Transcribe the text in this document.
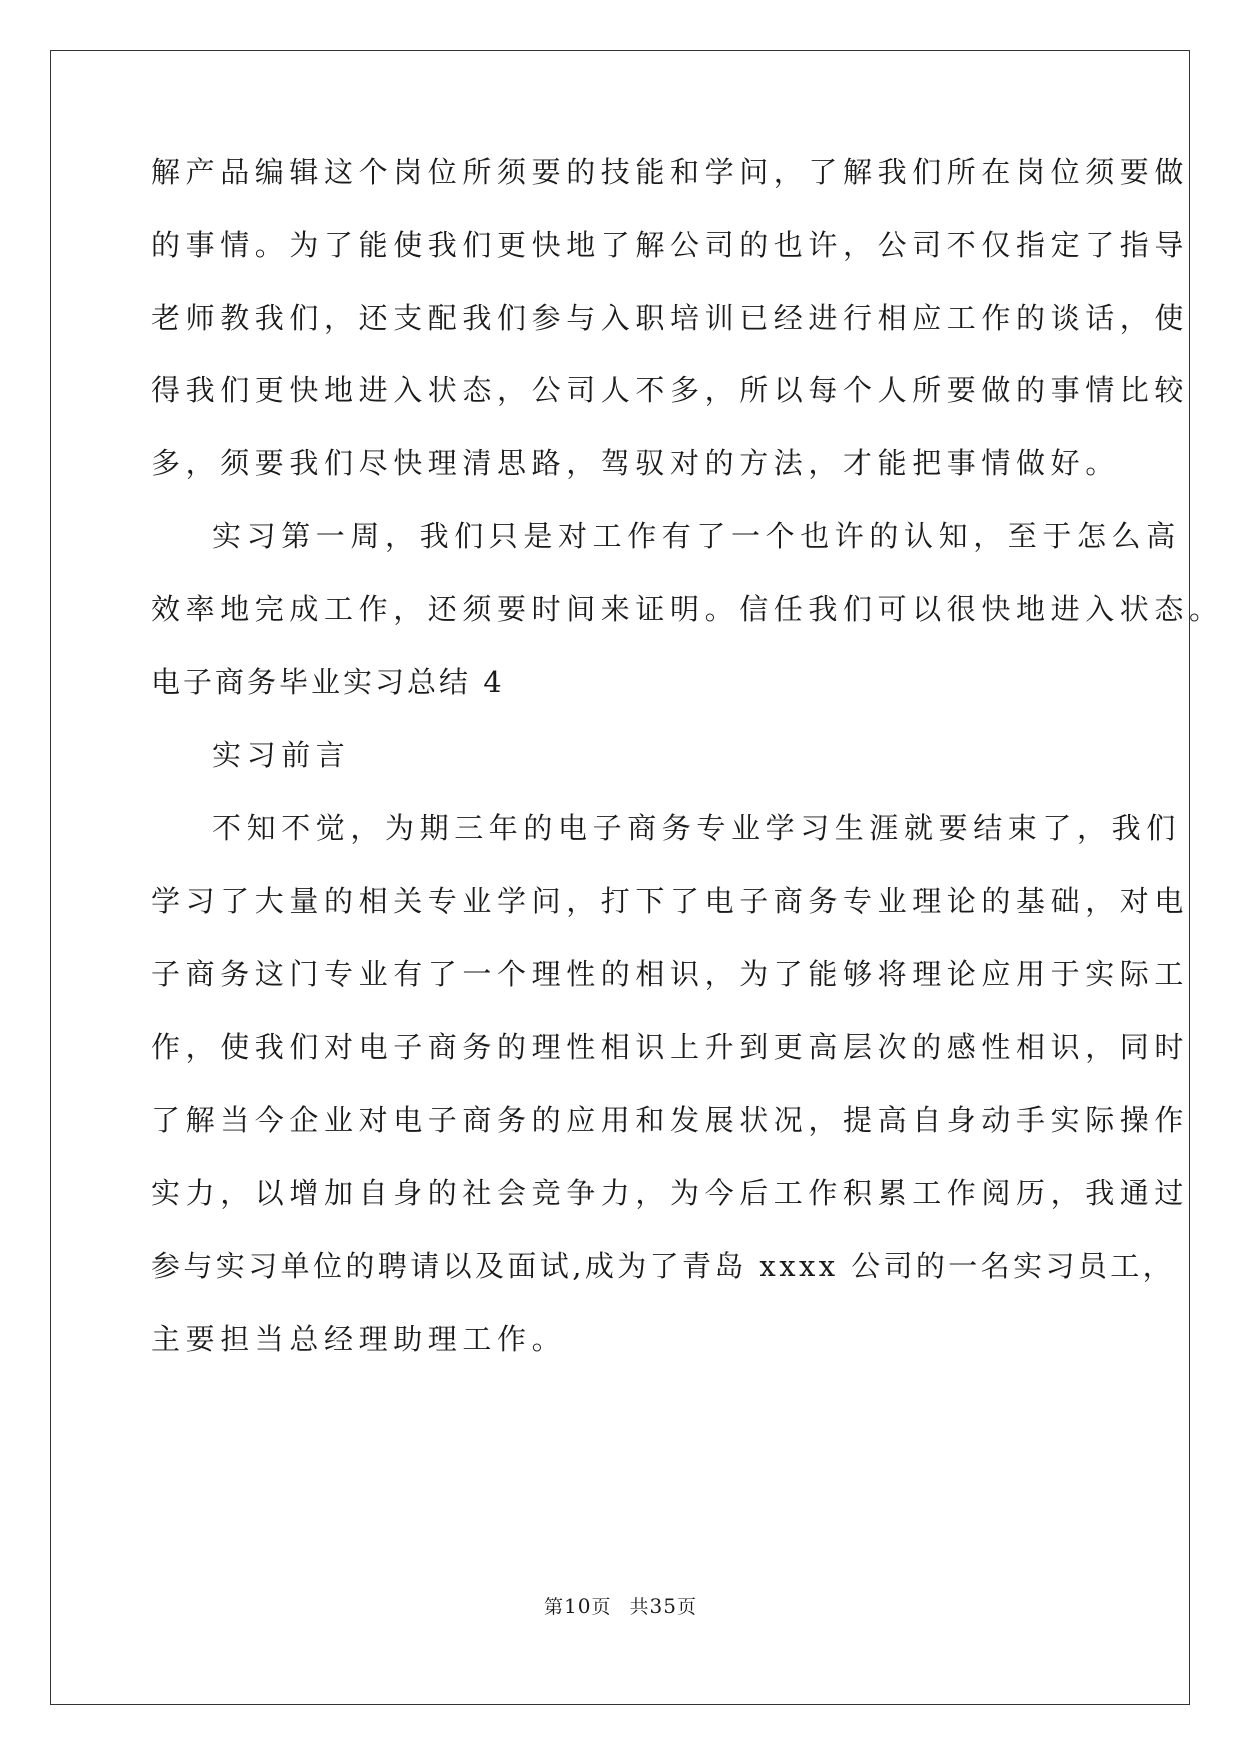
解产品编辑这个岗位所须要的技能和学问，了解我们所在岗位须要做
的事情。为了能使我们更快地了解公司的也许，公司不仅指定了指导
老师教我们，还支配我们参与入职培训已经进行相应工作的谈话，使
得我们更快地进入状态，公司人不多，所以每个人所要做的事情比较
多，须要我们尽快理清思路，驾驭对的方法，才能把事情做好。
实习第一周，我们只是对工作有了一个也许的认知，至于怎么高
效率地完成工作，还须要时间来证明。信任我们可以很快地进入状态。
电子商务毕业实习总结 4
实习前言
不知不觉，为期三年的电子商务专业学习生涯就要结束了，我们
学习了大量的相关专业学问，打下了电子商务专业理论的基础，对电
子商务这门专业有了一个理性的相识，为了能够将理论应用于实际工
作，使我们对电子商务的理性相识上升到更高层次的感性相识，同时
了解当今企业对电子商务的应用和发展状况，提高自身动手实际操作
实力，以增加自身的社会竞争力，为今后工作积累工作阅历，我通过
参与实习单位的聘请以及面试,成为了青岛 xxxx 公司的一名实习员工，
主要担当总经理助理工作。
第10页 共35页
